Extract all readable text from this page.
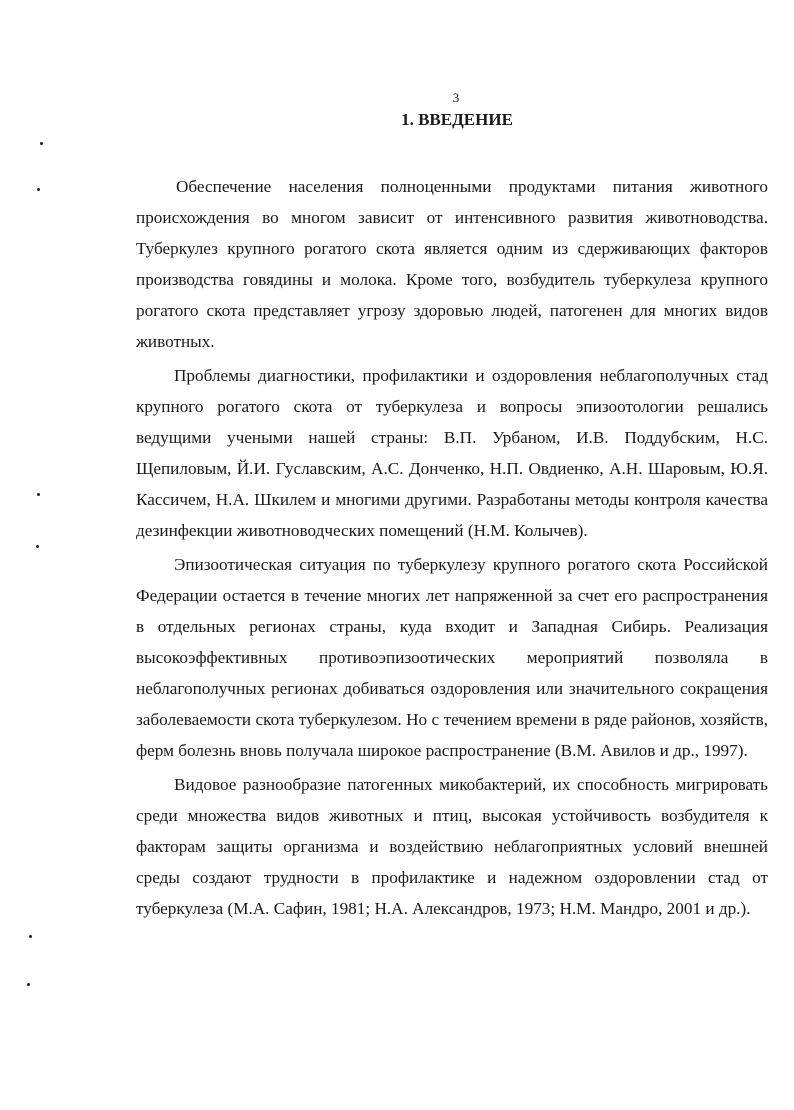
3
1. ВВЕДЕНИЕ

Обеспечение населения полноценными продуктами питания животного происхождения во многом зависит от интенсивного развития животноводства. Туберкулез крупного рогатого скота является одним из сдерживающих факторов производства говядины и молока. Кроме того, возбудитель туберкулеза крупного рогатого скота представляет угрозу здоровью людей, патогенен для многих видов животных.

Проблемы диагностики, профилактики и оздоровления неблагополучных стад крупного рогатого скота от туберкулеза и вопросы эпизоотологии решались ведущими учеными нашей страны: В.П. Урбаном, И.В. Поддубским, Н.С. Щепиловым, Й.И. Гуславским, А.С. Донченко, Н.П. Овдиенко, А.Н. Шаровым, Ю.Я. Кассичем, Н.А. Шкилем и многими другими. Разработаны методы контроля качества дезинфекции животноводческих помещений (Н.М. Колычев).

Эпизоотическая ситуация по туберкулезу крупного рогатого скота Российской Федерации остается в течение многих лет напряженной за счет его распространения в отдельных регионах страны, куда входит и Западная Сибирь. Реализация высокоэффективных противоэпизоотических мероприятий позволяла в неблагополучных регионах добиваться оздоровления или значительного сокращения заболеваемости скота туберкулезом. Но с течением времени в ряде районов, хозяйств, ферм болезнь вновь получала широкое распространение (В.М. Авилов и др., 1997).

Видовое разнообразие патогенных микобактерий, их способность мигрировать среди множества видов животных и птиц, высокая устойчивость возбудителя к факторам защиты организма и воздействию неблагоприятных условий внешней среды создают трудности в профилактике и надежном оздоровлении стад от туберкулеза (М.А. Сафин, 1981; Н.А. Александров, 1973; Н.М. Мандро, 2001 и др.).
